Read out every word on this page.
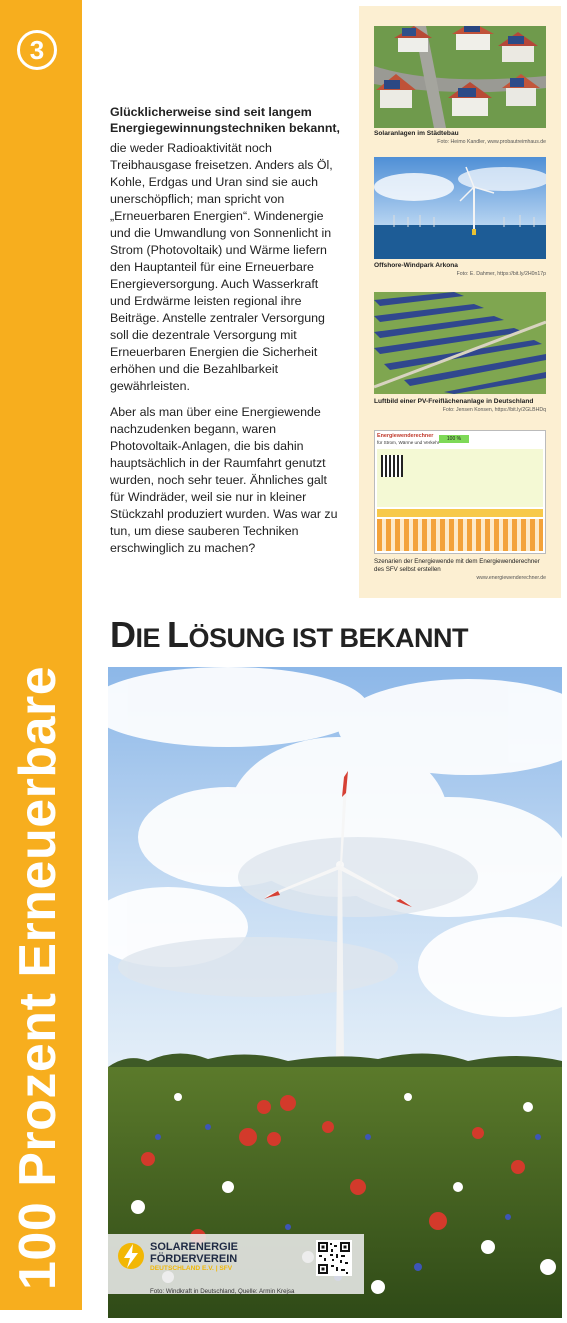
3
100 Prozent Erneuerbare
Glücklicherweise sind seit langem Energiegewinnungstechniken bekannt,

die weder Radioaktivität noch Treibhausgase freisetzen. Anders als Öl, Kohle, Erdgas und Uran sind sie auch unerschöpflich; man spricht von „Erneuerbaren Energien“. Windenergie und die Umwandlung von Sonnenlicht in Strom (Photovoltaik) und Wärme liefern den Hauptanteil für eine Erneuerbare Energieversorgung. Auch Wasserkraft und Erdwärme leisten regional ihre Beiträge. Anstelle zentraler Versorgung soll die dezentrale Versorgung mit Erneuerbaren Energien die Sicherheit erhöhen und die Bezahlbarkeit gewährleisten.

Aber als man über eine Energiewende nachzudenken begann, waren Photovoltaik-Anlagen, die bis dahin hauptsächlich in der Raumfahrt genutzt wurden, noch sehr teuer. Ähnliches galt für Windräder, weil sie nur in kleiner Stückzahl produziert wurden. Was war zu tun, um diese sauberen Techniken erschwinglich zu machen?

Solaranlagen im Städtebau
Foto: Heimo Kandler, www.probautreimhaus.de
Offshore-Windpark Arkona
Foto: E. Dahmer, https://bit.ly/2H0n17p
Luftbild einer PV-Freiflächenanlage in Deutschland
Foto: Jensen Konsen, https://bit.ly/2GLBHDq
Energiewenderechner
für Strom, Wärme und Verkehr
100 %
Szenarien der Energiewende mit dem Energiewenderechner des SFV selbst erstellen
www.energiewenderechner.de
DIE LÖSUNG IST BEKANNT
SOLARENERGIE
FÖRDERVEREIN
DEUTSCHLAND E.V. | SFV
Foto: Windkraft in Deutschland, Quelle: Armin Krejsa
